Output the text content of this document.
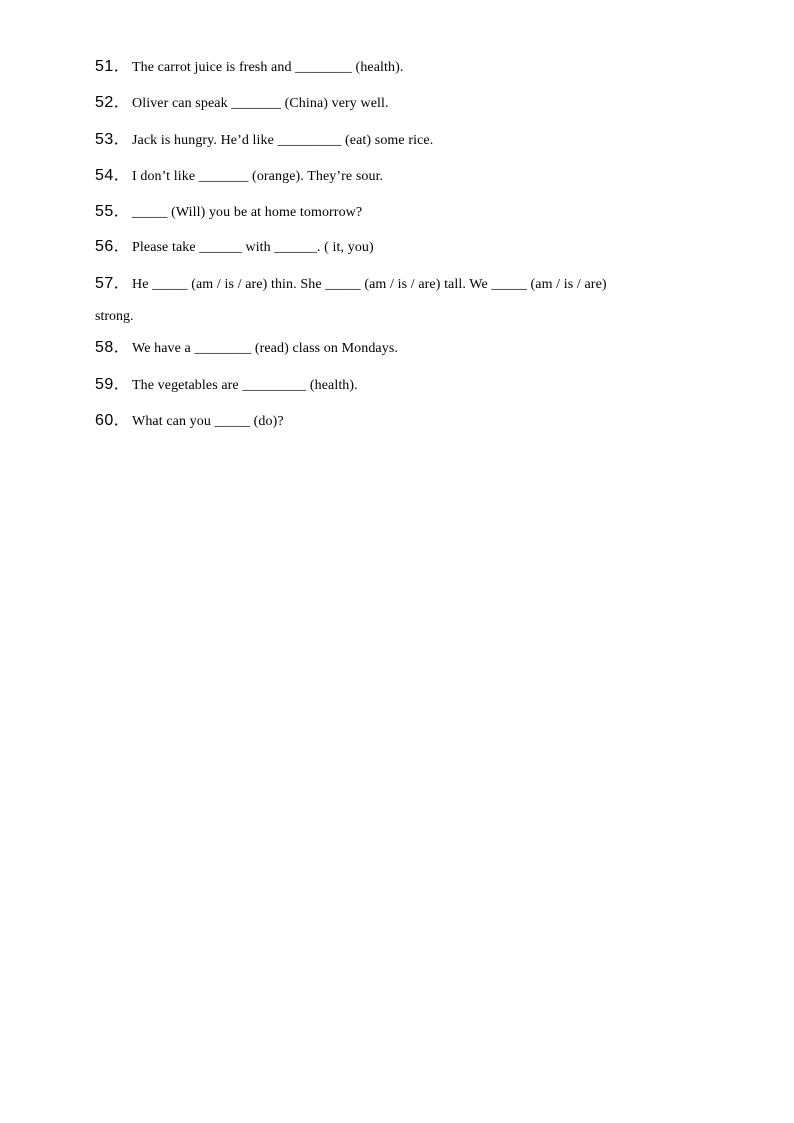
51． The carrot juice is fresh and ________ (health).
52． Oliver can speak _______ (China) very well.
53． Jack is hungry. He’d like _________ (eat) some rice.
54． I don’t like _______ (orange). They’re sour.
55． _____ (Will) you be at home tomorrow?
56． Please take ______ with ______. ( it, you)
57． He _____ (am / is / are) thin. She _____ (am / is / are) tall. We _____ (am / is / are)
strong.
58． We have a ________ (read) class on Mondays.
59． The vegetables are _________ (health).
60． What can you _____ (do)?
